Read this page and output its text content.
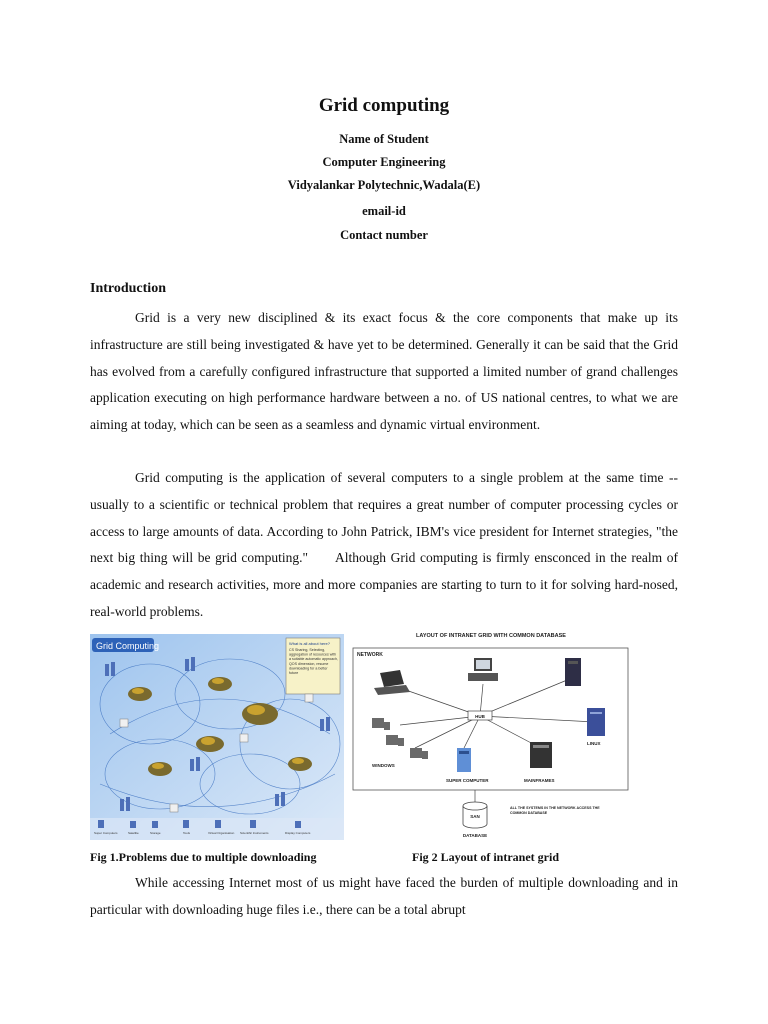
Grid computing
Name of Student
Computer Engineering
Vidyalankar Polytechnic,Wadala(E)
email-id
Contact number
Introduction

Grid is a very new disciplined & its exact focus & the core components that make up its infrastructure are still being investigated & have yet to be determined. Generally it can be said that the Grid has evolved from a carefully configured infrastructure that supported a limited number of grand challenges application executing on high performance hardware between a no. of US national centres, to what we are aiming at today, which can be seen as a seamless and dynamic virtual environment.

Grid computing is the application of several computers to a single problem at the same time -- usually to a scientific or technical problem that requires a great number of computer processing cycles or access to large amounts of data. According to John Patrick, IBM's vice president for Internet strategies, "the next big thing will be grid computing."      Although Grid computing is firmly ensconced in the realm of academic and research activities, more and more companies are starting to turn to it for solving hard-nosed, real-world problems.

Grid Computing	What is all about here?
Super Computers	Satellite	Storage	Tools	Virtual Organisation Scientific Instruments	Display Computers
CS Sharing, Selecting,
aggregation of resources with
a suitable automatic approach,
QOS dimension, resume
downloading for a better
future
LAYOUT OF INTRANET GRID WITH COMMON DATABASE
NETWORK
HUB
LINUX
WINDOWS
SUPER COMPUTER	MAINFRAMES
SAN
DATABASE
ALL THE SYSTEMS IN THE NETWORK ACCESS THE COMMON DATABASE
Fig 1.Problems due to multiple downloading	Fig 2 Layout of intranet grid

While accessing Internet most of us might have faced the burden of multiple downloading and in particular with downloading huge files i.e., there can be a total abrupt
